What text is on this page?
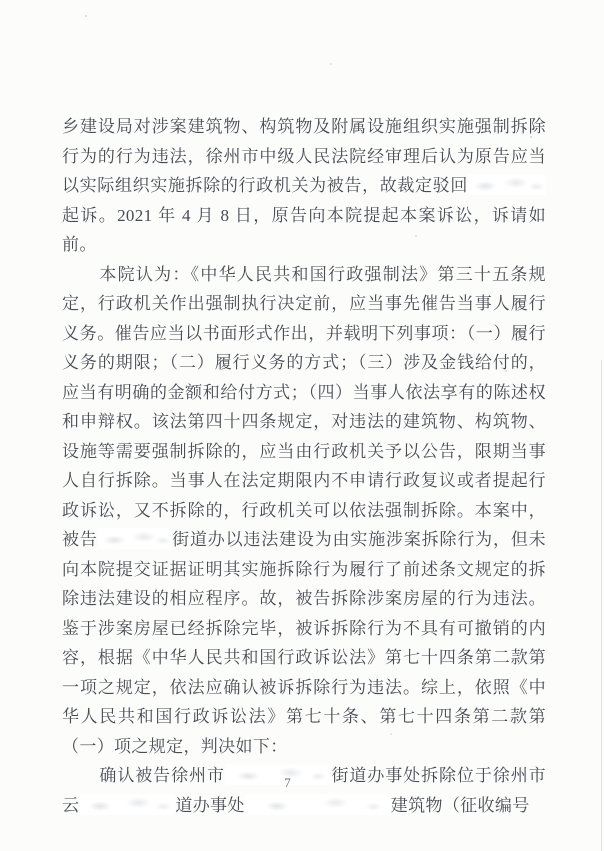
乡建设局对涉案建筑物、构筑物及附属设施组织实施强制拆除行为的行为违法，徐州市中级人民法院经审理后认为原告应当以实际组织实施拆除的行政机关为被告，故裁定驳回起诉。2021 年 4 月 8 日，原告向本院提起本案诉讼，诉请如前。

本院认为：《中华人民共和国行政强制法》第三十五条规定，行政机关作出强制执行决定前，应当事先催告当事人履行义务。催告应当以书面形式作出，并载明下列事项：（一）履行义务的期限；（二）履行义务的方式；（三）涉及金钱给付的，应当有明确的金额和给付方式；（四）当事人依法享有的陈述权和申辩权。该法第四十四条规定，对违法的建筑物、构筑物、设施等需要强制拆除的，应当由行政机关予以公告，限期当事人自行拆除。当事人在法定期限内不申请行政复议或者提起行政诉讼，又不拆除的，行政机关可以依法强制拆除。本案中，被告	街道办以违法建设为由实施涉案拆除行为，但未向本院提交证据证明其实施拆除行为履行了前述条文规定的拆除违法建设的相应程序。故，被告拆除涉案房屋的行为违法。鉴于涉案房屋已经拆除完毕，被诉拆除行为不具有可撤销的内容，根据《中华人民共和国行政诉讼法》第七十四条第二款第一项之规定，依法应确认被诉拆除行为违法。综上，依照《中华人民共和国行政诉讼法》第七十条、第七十四条第二款第（一）项之规定，判决如下：

确认被告徐州市	街道办事处拆除位于徐州市云	道办事处	建筑物（征收编号

7
